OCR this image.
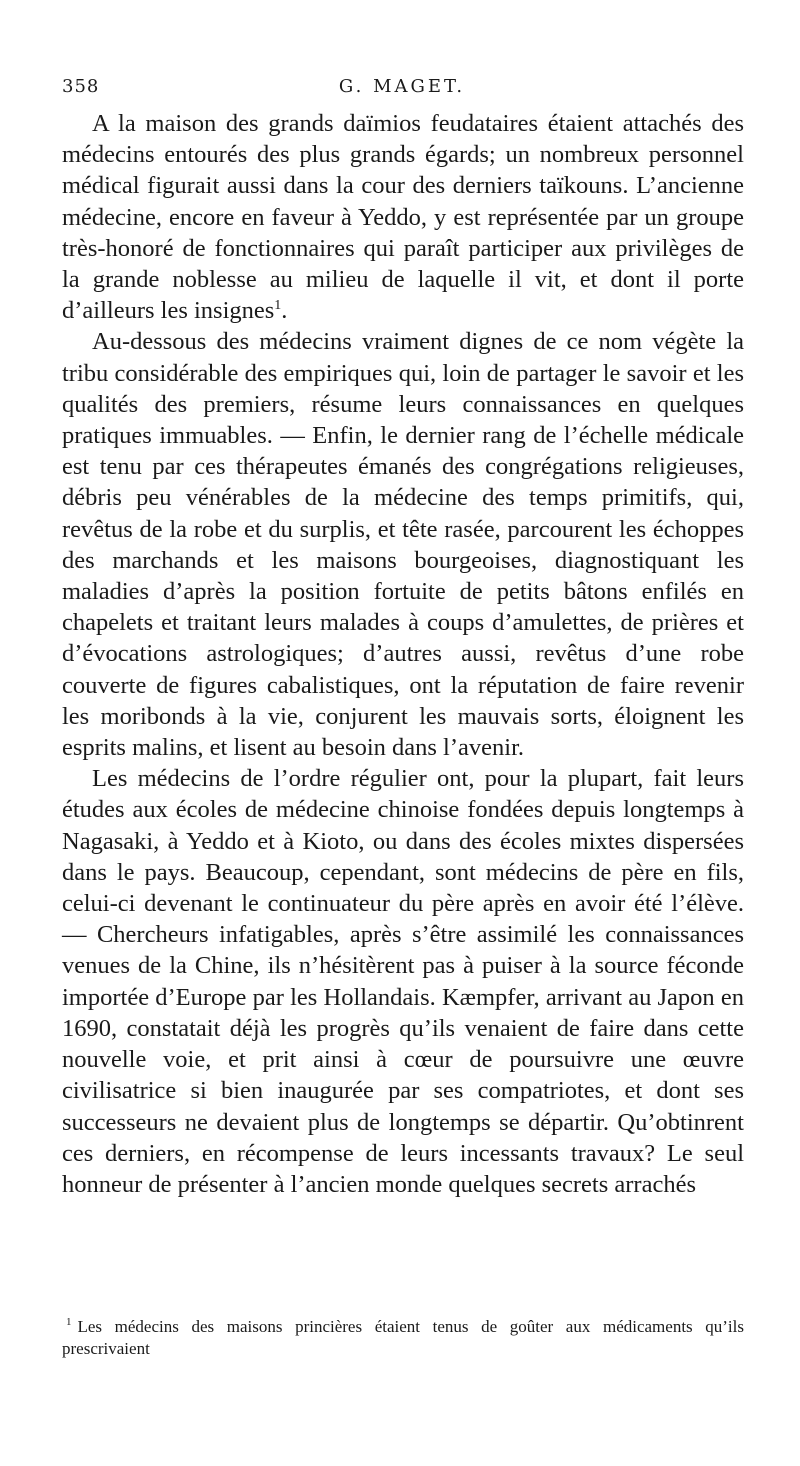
358	G. MAGET.

A la maison des grands daïmios feudataires étaient attachés des médecins entourés des plus grands égards; un nombreux personnel médical figurait aussi dans la cour des derniers taïkouns. L’ancienne médecine, encore en faveur à Yeddo, y est représentée par un groupe très-honoré de fonctionnaires qui paraît participer aux privilèges de la grande noblesse au milieu de laquelle il vit, et dont il porte d’ailleurs les insignes$^1$.

Au-dessous des médecins vraiment dignes de ce nom végète la tribu considérable des empiriques qui, loin de partager le savoir et les qualités des premiers, résume leurs connaissances en quelques pratiques immuables. — Enfin, le dernier rang de l’échelle médicale est tenu par ces thérapeutes émanés des congrégations religieuses, débris peu vénérables de la médecine des temps primitifs, qui, revêtus de la robe et du surplis, et tête rasée, parcourent les échoppes des marchands et les maisons bourgeoises, diagnostiquant les maladies d’après la position fortuite de petits bâtons enfilés en chapelets et traitant leurs malades à coups d’amulettes, de prières et d’évocations astrologiques; d’autres aussi, revêtus d’une robe couverte de figures cabalistiques, ont la réputation de faire revenir les moribonds à la vie, conjurent les mauvais sorts, éloignent les esprits malins, et lisent au besoin dans l’avenir.

Les médecins de l’ordre régulier ont, pour la plupart, fait leurs études aux écoles de médecine chinoise fondées depuis longtemps à Nagasaki, à Yeddo et à Kioto, ou dans des écoles mixtes dispersées dans le pays. Beaucoup, cependant, sont médecins de père en fils, celui-ci devenant le continuateur du père après en avoir été l’élève. — Chercheurs infatigables, après s’être assimilé les connaissances venues de la Chine, ils n’hésitèrent pas à puiser à la source féconde importée d’Europe par les Hollandais. Kæmpfer, arrivant au Japon en 1690, constatait déjà les progrès qu’ils venaient de faire dans cette nouvelle voie, et prit ainsi à cœur de poursuivre une œuvre civilisatrice si bien inaugurée par ses compatriotes, et dont ses successeurs ne devaient plus de longtemps se départir. Qu’obtinrent ces derniers, en récompense de leurs incessants travaux? Le seul honneur de présenter à l’ancien monde quelques secrets arrachés

$^1$ Les médecins des maisons princières étaient tenus de goûter aux médicaments qu’ils prescrivaient
